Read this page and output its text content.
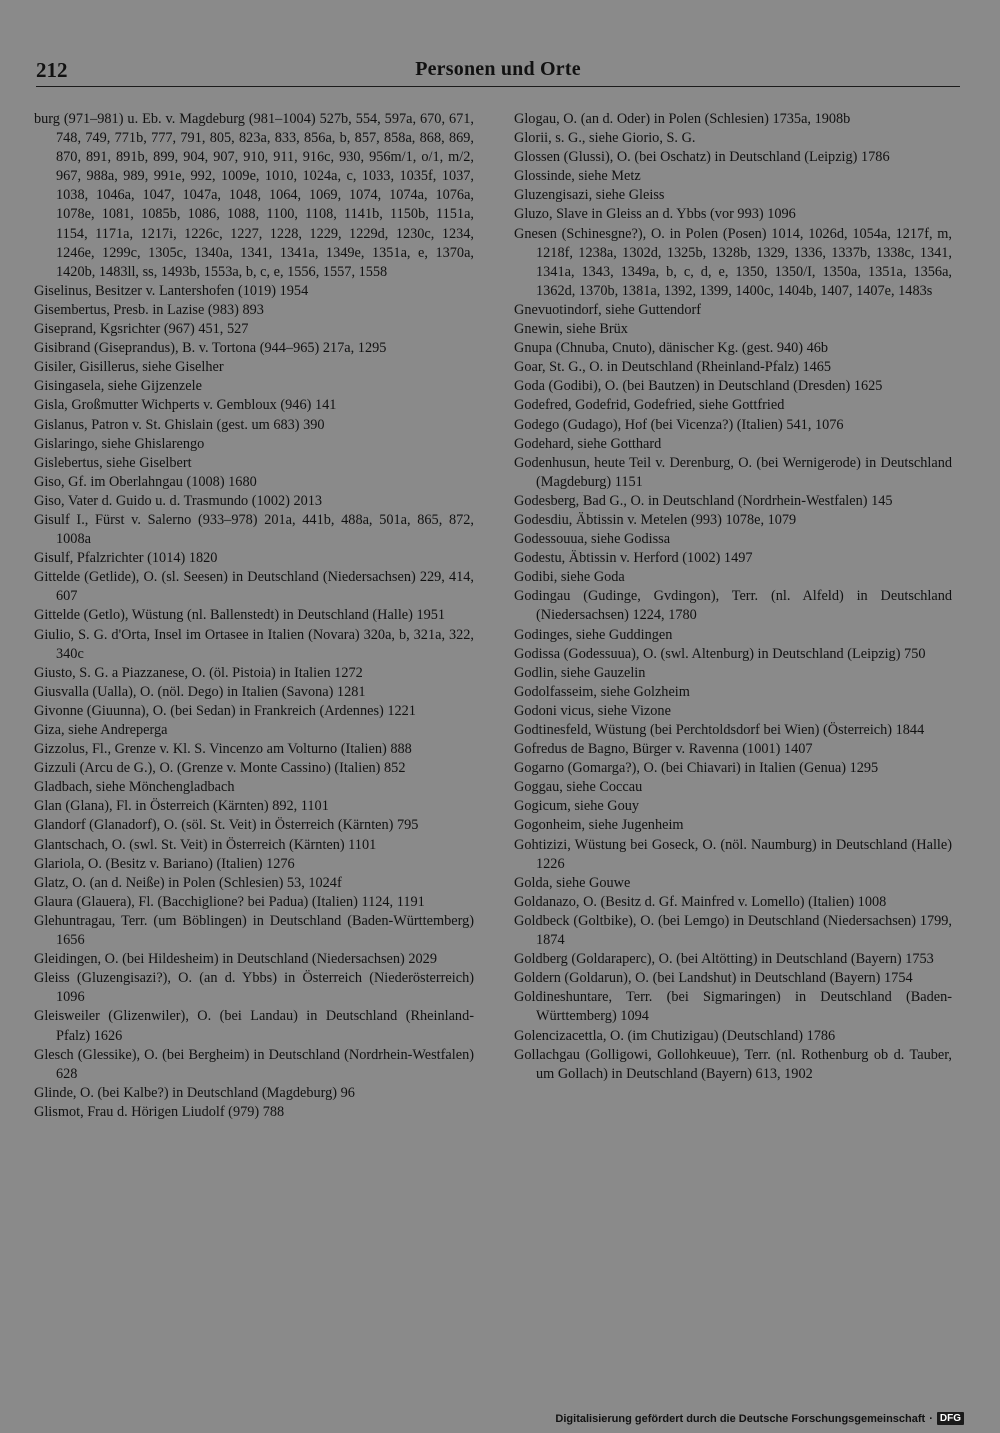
212	Personen und Orte

burg (971–981) u. Eb. v. Magdeburg (981–1004) 527b, 554, 597a, 670, 671, 748, 749, 771b, 777, 791, 805, 823a, 833, 856a, b, 857, 858a, 868, 869, 870, 891, 891b, 899, 904, 907, 910, 911, 916c, 930, 956m/1, o/1, m/2, 967, 988a, 989, 991e, 992, 1009e, 1010, 1024a, c, 1033, 1035f, 1037, 1038, 1046a, 1047, 1047a, 1048, 1064, 1069, 1074, 1074a, 1076a, 1078e, 1081, 1085b, 1086, 1088, 1100, 1108, 1141b, 1150b, 1151a, 1154, 1171a, 1217i, 1226c, 1227, 1228, 1229, 1229d, 1230c, 1234, 1246e, 1299c, 1305c, 1340a, 1341, 1341a, 1349e, 1351a, e, 1370a, 1420b, 1483ll, ss, 1493b, 1553a, b, c, e, 1556, 1557, 1558

Giselinus, Besitzer v. Lantershofen (1019) 1954

Gisembertus, Presb. in Lazise (983) 893

Giseprand, Kgsrichter (967) 451, 527

Gisibrand (Giseprandus), B. v. Tortona (944–965) 217a, 1295

Gisiler, Gisillerus, siehe Giselher

Gisingasela, siehe Gijzenzele

Gisla, Großmutter Wichperts v. Gembloux (946) 141

Gislanus, Patron v. St. Ghislain (gest. um 683) 390

Gislaringo, siehe Ghislarengo

Gislebertus, siehe Giselbert

Giso, Gf. im Oberlahngau (1008) 1680

Giso, Vater d. Guido u. d. Trasmundo (1002) 2013

Gisulf I., Fürst v. Salerno (933–978) 201a, 441b, 488a, 501a, 865, 872, 1008a

Gisulf, Pfalzrichter (1014) 1820

Gittelde (Getlide), O. (sl. Seesen) in Deutschland (Niedersachsen) 229, 414, 607

Gittelde (Getlo), Wüstung (nl. Ballenstedt) in Deutschland (Halle) 1951

Giulio, S. G. d'Orta, Insel im Ortasee in Italien (Novara) 320a, b, 321a, 322, 340c

Giusto, S. G. a Piazzanese, O. (öl. Pistoia) in Italien 1272

Giusvalla (Ualla), O. (nöl. Dego) in Italien (Savona) 1281

Givonne (Giuunna), O. (bei Sedan) in Frankreich (Ardennes) 1221

Giza, siehe Andreperga

Gizzolus, Fl., Grenze v. Kl. S. Vincenzo am Volturno (Italien) 888

Gizzuli (Arcu de G.), O. (Grenze v. Monte Cassino) (Italien) 852

Gladbach, siehe Mönchengladbach

Glan (Glana), Fl. in Österreich (Kärnten) 892, 1101

Glandorf (Glanadorf), O. (söl. St. Veit) in Österreich (Kärnten) 795

Glantschach, O. (swl. St. Veit) in Österreich (Kärnten) 1101

Glariola, O. (Besitz v. Bariano) (Italien) 1276

Glatz, O. (an d. Neiße) in Polen (Schlesien) 53, 1024f

Glaura (Glauera), Fl. (Bacchiglione? bei Padua) (Italien) 1124, 1191

Glehuntragau, Terr. (um Böblingen) in Deutschland (Baden-Württemberg) 1656

Gleidingen, O. (bei Hildesheim) in Deutschland (Niedersachsen) 2029

Gleiss (Gluzengisazi?), O. (an d. Ybbs) in Österreich (Niederösterreich) 1096

Gleisweiler (Glizenwiler), O. (bei Landau) in Deutschland (Rheinland-Pfalz) 1626

Glesch (Glessike), O. (bei Bergheim) in Deutschland (Nordrhein-Westfalen) 628

Glinde, O. (bei Kalbe?) in Deutschland (Magdeburg) 96

Glismot, Frau d. Hörigen Liudolf (979) 788

Glogau, O. (an d. Oder) in Polen (Schlesien) 1735a, 1908b

Glorii, s. G., siehe Giorio, S. G.

Glossen (Glussi), O. (bei Oschatz) in Deutschland (Leipzig) 1786

Glossinde, siehe Metz

Gluzengisazi, siehe Gleiss

Gluzo, Slave in Gleiss an d. Ybbs (vor 993) 1096

Gnesen (Schinesgne?), O. in Polen (Posen) 1014, 1026d, 1054a, 1217f, m, 1218f, 1238a, 1302d, 1325b, 1328b, 1329, 1336, 1337b, 1338c, 1341, 1341a, 1343, 1349a, b, c, d, e, 1350, 1350/I, 1350a, 1351a, 1356a, 1362d, 1370b, 1381a, 1392, 1399, 1400c, 1404b, 1407, 1407e, 1483s

Gnevuotindorf, siehe Guttendorf

Gnewin, siehe Brüx

Gnupa (Chnuba, Cnuto), dänischer Kg. (gest. 940) 46b

Goar, St. G., O. in Deutschland (Rheinland-Pfalz) 1465

Goda (Godibi), O. (bei Bautzen) in Deutschland (Dresden) 1625

Godefred, Godefrid, Godefried, siehe Gottfried

Godego (Gudago), Hof (bei Vicenza?) (Italien) 541, 1076

Godehard, siehe Gotthard

Godenhusun, heute Teil v. Derenburg, O. (bei Wernigerode) in Deutschland (Magdeburg) 1151

Godesberg, Bad G., O. in Deutschland (Nordrhein-Westfalen) 145

Godesdiu, Äbtissin v. Metelen (993) 1078e, 1079

Godessouua, siehe Godissa

Godestu, Äbtissin v. Herford (1002) 1497

Godibi, siehe Goda

Godingau (Gudinge, Gvdingon), Terr. (nl. Alfeld) in Deutschland (Niedersachsen) 1224, 1780

Godinges, siehe Guddingen

Godissa (Godessuua), O. (swl. Altenburg) in Deutschland (Leipzig) 750

Godlin, siehe Gauzelin

Godolfasseim, siehe Golzheim

Godoni vicus, siehe Vizone

Godtinesfeld, Wüstung (bei Perchtoldsdorf bei Wien) (Österreich) 1844

Gofredus de Bagno, Bürger v. Ravenna (1001) 1407

Gogarno (Gomarga?), O. (bei Chiavari) in Italien (Genua) 1295

Goggau, siehe Coccau

Gogicum, siehe Gouy

Gogonheim, siehe Jugenheim

Gohtizizi, Wüstung bei Goseck, O. (nöl. Naumburg) in Deutschland (Halle) 1226

Golda, siehe Gouwe

Goldanazo, O. (Besitz d. Gf. Mainfred v. Lomello) (Italien) 1008

Goldbeck (Goltbike), O. (bei Lemgo) in Deutschland (Niedersachsen) 1799, 1874

Goldberg (Goldaraperc), O. (bei Altötting) in Deutschland (Bayern) 1753

Goldern (Goldarun), O. (bei Landshut) in Deutschland (Bayern) 1754

Goldineshuntare, Terr. (bei Sigmaringen) in Deutschland (Baden-Württemberg) 1094

Golencizacettla, O. (im Chutizigau) (Deutschland) 1786

Gollachgau (Golligowi, Gollohkeuue), Terr. (nl. Rothenburg ob d. Tauber, um Gollach) in Deutschland (Bayern) 613, 1902

Digitalisierung gefördert durch die Deutsche Forschungsgemeinschaft · DFG
